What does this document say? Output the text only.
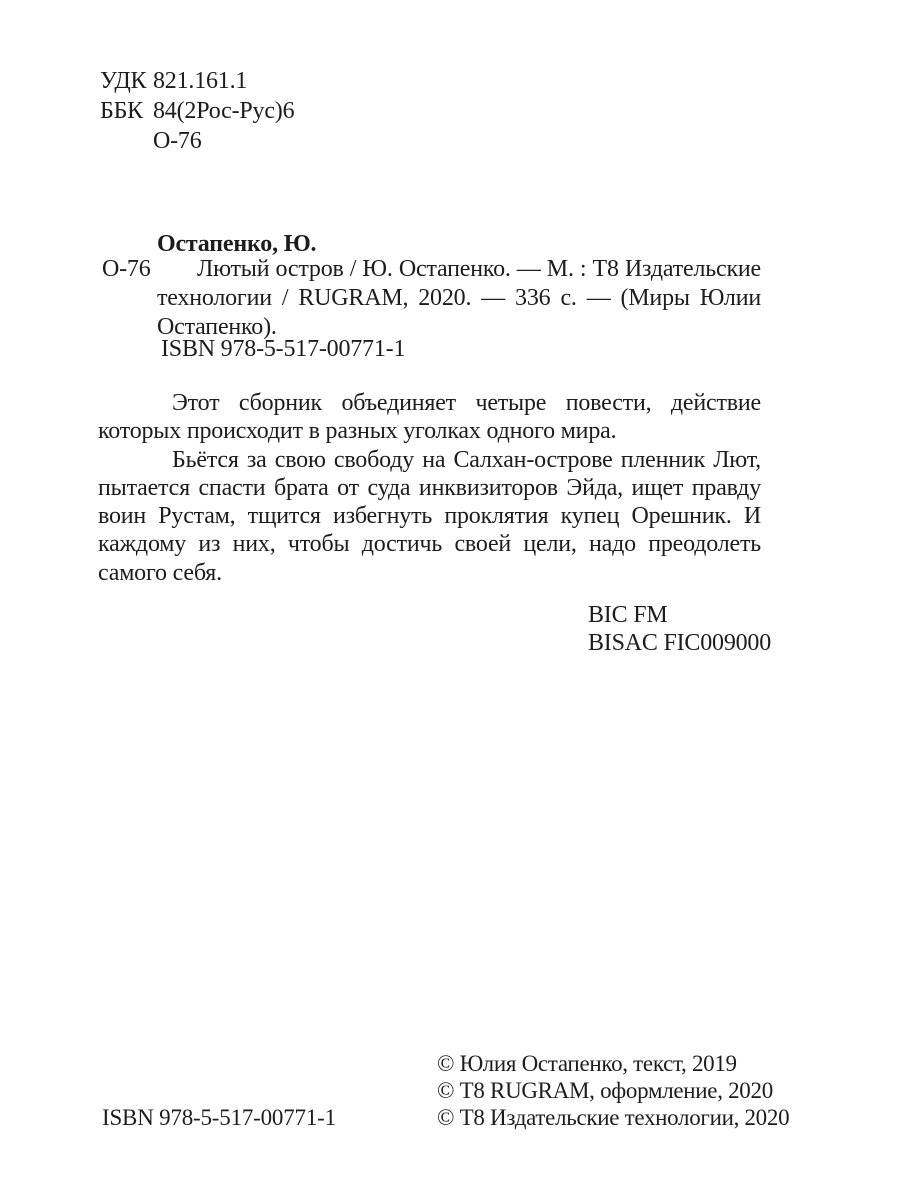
УДК 821.161.1
ББК 84(2Рос-Рус)6
О-76
Остапенко, Ю.
О-76	Лютый остров / Ю. Остапенко. — М. : Т8 Издательские технологии / RUGRAM, 2020. — 336 с. — (Миры Юлии Остапенко).
ISBN 978-5-517-00771-1

Этот сборник объединяет четыре повести, действие которых происходит в разных уголках одного мира.

Бьётся за свою свободу на Салхан-острове пленник Лют, пытается спасти брата от суда инквизиторов Эйда, ищет правду воин Рустам, тщится избегнуть проклятия купец Орешник. И каждому из них, чтобы достичь своей цели, надо преодолеть самого себя.

BIC FM
BISAC FIC009000
© Юлия Остапенко, текст, 2019
© Т8 RUGRAM, оформление, 2020
© Т8 Издательские технологии, 2020
ISBN 978-5-517-00771-1
